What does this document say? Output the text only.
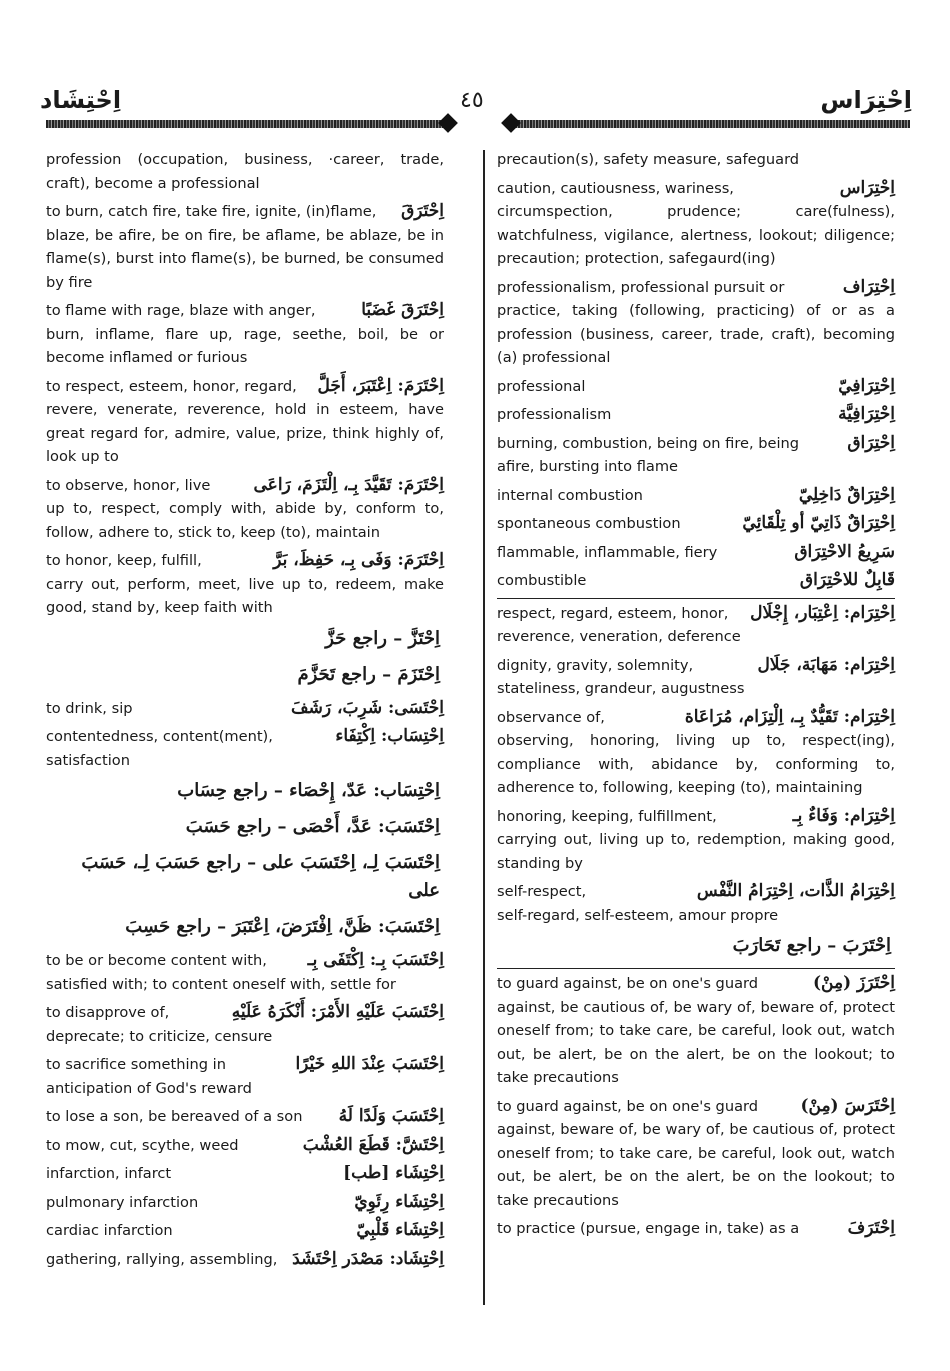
اِحْتِشَاد	٤٥	اِحْتِرَاس
profession (occupation, business, ·career, trade, craft), become a professional
اِحْتَرَقَ
to burn, catch fire, take fire, ignite, (in)flame,
blaze, be afire, be on fire, be aflame, be ablaze, be in flame(s), burst into flame(s), be burned, be consumed by fire
اِحْتَرَقَ غَضَبًا
to flame with rage, blaze with anger,
burn, inflame, flare up, rage, seethe, boil, be or become inflamed or furious
اِحْتَرَمَ: اِعْتَبَرَ، أَجَلَّ
to respect, esteem, honor, regard,
revere, venerate, reverence, hold in esteem, have great regard for, admire, value, prize, think highly of, look up to
اِحْتَرَمَ: تَقَيَّدَ بِـ، اِلْتَزَمَ، رَاعَى
to observe, honor, live
up to, respect, comply with, abide by, conform to, follow, adhere to, stick to, keep (to), maintain
اِحْتَرَمَ: وَفَى بِـ، حَفِظَ، بَرَّ
to honor, keep, fulfill,
carry out, perform, meet, live up to, redeem, make good, stand by, keep faith with
اِحْتَزَّ – راجع حَزَّ
اِحْتَزَمَ – راجع تَحَزَّمَ
اِحْتَسَى: شَرِبَ، رَشَفَ
to drink, sip
اِحْتِسَاب: اِكْتِفَاء
contentedness, content(ment),
satisfaction
اِحْتِسَاب: عَدّ، إِحْصَاء – راجع حِسَاب
اِحْتَسَبَ: عَدَّ، أَحْصَى – راجع حَسَبَ
اِحْتَسَبَ لِـ، اِحْتَسَبَ على – راجع حَسَبَ لِـ، حَسَبَ على
اِحْتَسَبَ: ظَنَّ، اِفْتَرَضَ، اِعْتَبَرَ – راجع حَسِبَ
اِحْتَسَبَ بِـ: اِكْتَفَى بِـ
to be or become content with,
satisfied with; to content oneself with, settle for
اِحْتَسَبَ عَلَيْهِ الأَمْرَ: أَنْكَرَهُ عَلَيْهِ
to disapprove of,
deprecate; to criticize, censure
اِحْتَسَبَ عِنْدَ اللهِ خَيْرًا
to sacrifice something in
anticipation of God's reward
اِحْتَسَبَ وَلَدًا لَهُ
to lose a son, be bereaved of a son
اِحْتَشَّ: قَطَعَ العُشْبَ
to mow, cut, scythe, weed
اِحْتِشَاء [طب]
infarction, infarct
اِحْتِشَاء رِئَوِيّ
pulmonary infarction
اِحْتِشَاء قَلْبِيّ
cardiac infarction
اِحْتِشَاد: مَصْدَر اِحْتَشَدَ
gathering, rallying, assembling,
precaution(s), safety measure, safeguard
اِحْتِرَاس
caution, cautiousness, wariness,
circumspection, prudence; care(fulness), watchfulness, vigilance, alertness, lookout; diligence; precaution; protection, safegaurd(ing)
اِحْتِرَاف
professionalism, professional pursuit or
practice, taking (following, practicing) of or as a profession (business, career, trade, craft), becoming (a) professional
اِحْتِرَافِيّ
professional
اِحْتِرَافِيَّة
professionalism
اِحْتِرَاق
burning, combustion, being on fire, being
afire, bursting into flame
اِحْتِرَاقٌ دَاخِلِيّ
internal combustion
اِحْتِرَاقٌ ذَاتِيّ أو تِلْقَائِيّ
spontaneous combustion
سَرِيعُ الاحْتِرَاق
flammable, inflammable, fiery
قَابِلٌ للاحْتِرَاق
combustible
اِحْتِرَام: اِعْتِبَار، إِجْلَال
respect, regard, esteem, honor,
reverence, veneration, deference
اِحْتِرَام: مَهَابَة، جَلَال
dignity, gravity, solemnity,
stateliness, grandeur, augustness
اِحْتِرَام: تَقَيُّدٌ بِـ، اِلْتِزَام، مُرَاعَاة
observance of,
observing, honoring, living up to, respect(ing), compliance with, abidance by, conforming to, adherence to, following, keeping (to), maintaining
اِحْتِرَام: وَفَاءٌ بِـ
honoring, keeping, fulfillment,
carrying out, living up to, redemption, making good, standing by
اِحْتِرَامُ الذَّات، اِحْتِرَامُ النَّفْس
self-respect,
self-regard, self-esteem, amour propre
اِحْتَرَبَ – راجع تَحَارَبَ
اِحْتَرَزَ (مِنْ)
to guard against, be on one's guard
against, be cautious of, be wary of, beware of, protect oneself from; to take care, be careful, look out, watch out, be alert, be on the alert, be on the lookout; to take precautions
اِحْتَرَسَ (مِنْ)
to guard against, be on one's guard
against, beware of, be wary of, be cautious of, protect oneself from; to take care, be careful, look out, watch out, be alert, be on the alert, be on the lookout; to take precautions
اِحْتَرَفَ
to practice (pursue, engage in, take) as a
